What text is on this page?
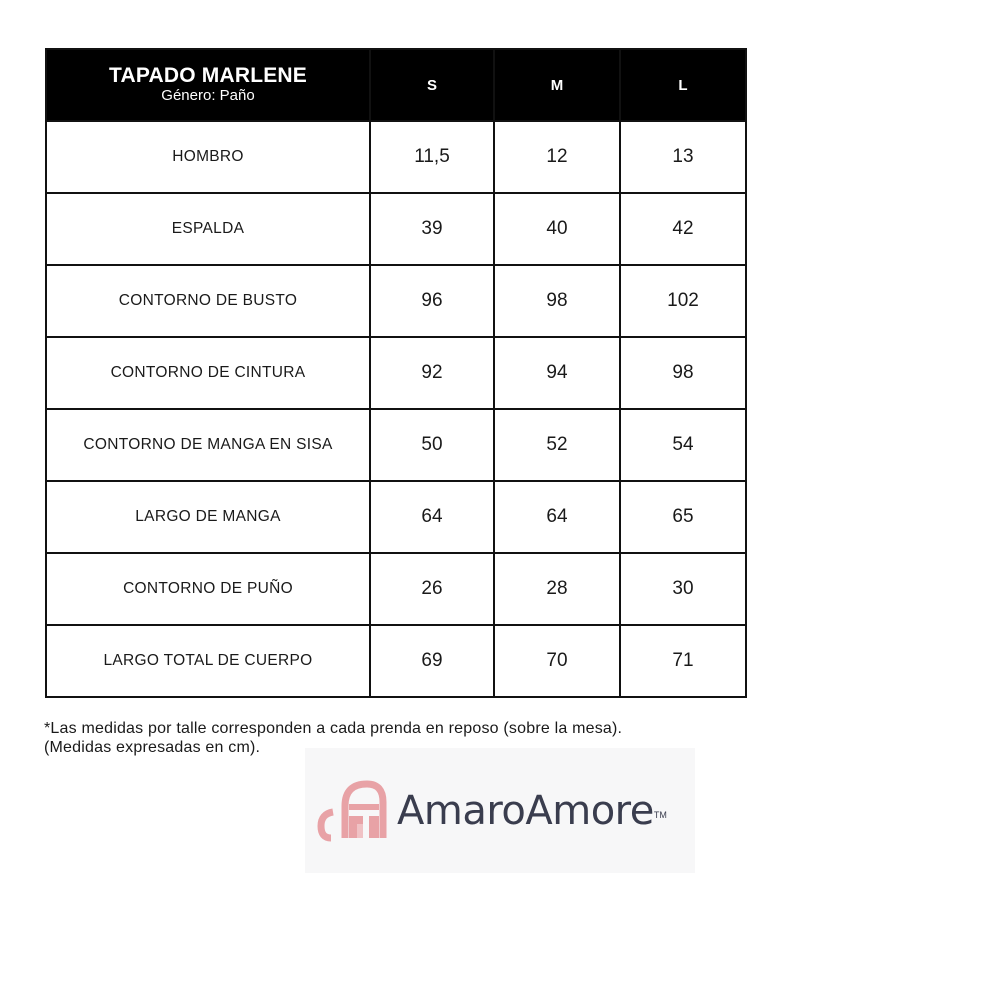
TAPADO MARLENE
Género: Paño	S	M	L
HOMBRO	11,5	12	13
ESPALDA	39	40	42
CONTORNO DE BUSTO	96	98	102
CONTORNO DE CINTURA	92	94	98
CONTORNO DE MANGA EN SISA	50	52	54
LARGO DE MANGA	64	64	65
CONTORNO DE PUÑO	26	28	30
LARGO TOTAL DE CUERPO	69	70	71
*Las medidas por talle corresponden a cada prenda en reposo (sobre la mesa).
(Medidas expresadas en cm).
AmaroAmore TM
